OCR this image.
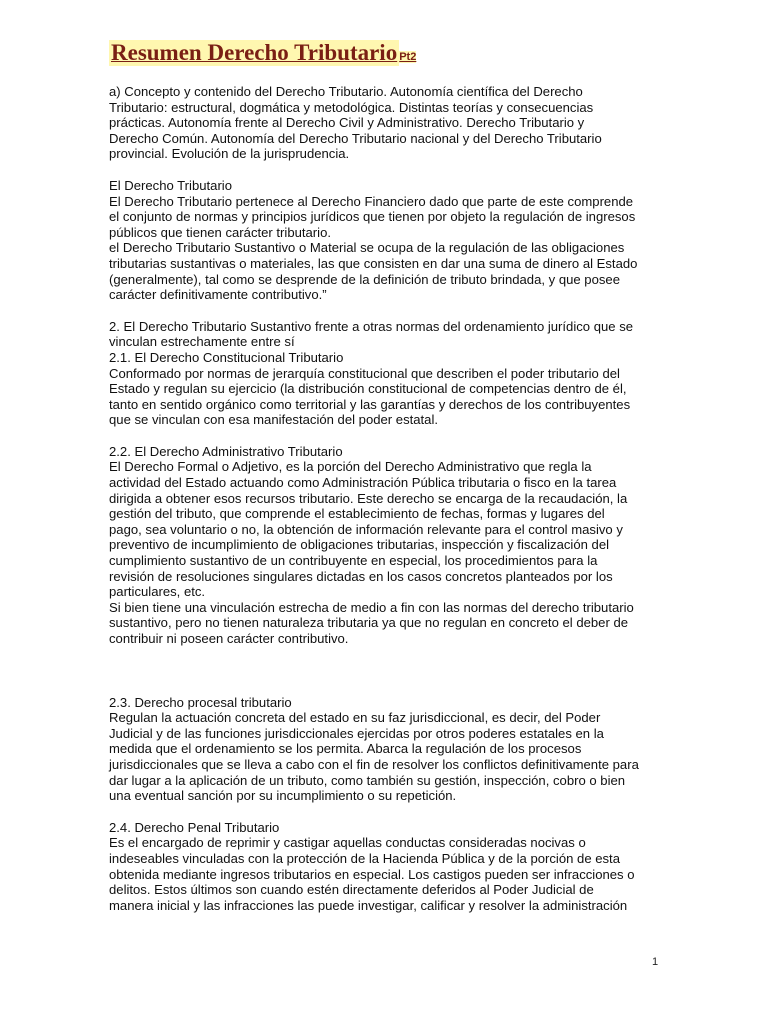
Resumen Derecho Tributario Pt2

a) Concepto y contenido del Derecho Tributario. Autonomía científica del Derecho

Tributario: estructural, dogmática y metodológica. Distintas teorías y consecuencias

prácticas. Autonomía frente al Derecho Civil y Administrativo. Derecho Tributario y

Derecho Común. Autonomía del Derecho Tributario nacional y del Derecho Tributario

provincial. Evolución de la jurisprudencia.

El Derecho Tributario

El Derecho Tributario pertenece al Derecho Financiero dado que parte de este comprende

el conjunto de normas y principios jurídicos que tienen por objeto la regulación de ingresos

públicos que tienen carácter tributario.

el Derecho Tributario Sustantivo o Material se ocupa de la regulación de las obligaciones

tributarias sustantivas o materiales, las que consisten en dar una suma de dinero al Estado

(generalmente), tal como se desprende de la definición de tributo brindada, y que posee

carácter definitivamente contributivo.”

2. El Derecho Tributario Sustantivo frente a otras normas del ordenamiento jurídico que se

vinculan estrechamente entre sí

2.1. El Derecho Constitucional Tributario

Conformado por normas de jerarquía constitucional que describen el poder tributario del

Estado y regulan su ejercicio (la distribución constitucional de competencias dentro de él,

tanto en sentido orgánico como territorial y las garantías y derechos de los contribuyentes

que se vinculan con esa manifestación del poder estatal.

2.2. El Derecho Administrativo Tributario

El Derecho Formal o Adjetivo, es la porción del Derecho Administrativo que regla la

actividad del Estado actuando como Administración Pública tributaria o fisco en la tarea

dirigida a obtener esos recursos tributario. Este derecho se encarga de la recaudación, la

gestión del tributo, que comprende el establecimiento de fechas, formas y lugares del

pago, sea voluntario o no, la obtención de información relevante para el control masivo y

preventivo de incumplimiento de obligaciones tributarias, inspección y fiscalización del

cumplimiento sustantivo de un contribuyente en especial, los procedimientos para la

revisión de resoluciones singulares dictadas en los casos concretos planteados por los

particulares, etc.

Si bien tiene una vinculación estrecha de medio a fin con las normas del derecho tributario

sustantivo, pero no tienen naturaleza tributaria ya que no regulan en concreto el deber de

contribuir ni poseen carácter contributivo.

2.3. Derecho procesal tributario

Regulan la actuación concreta del estado en su faz jurisdiccional, es decir, del Poder

Judicial y de las funciones jurisdiccionales ejercidas por otros poderes estatales en la

medida que el ordenamiento se los permita. Abarca la regulación de los procesos

jurisdiccionales que se lleva a cabo con el fin de resolver los conflictos definitivamente para

dar lugar a la aplicación de un tributo, como también su gestión, inspección, cobro o bien

una eventual sanción por su incumplimiento o su repetición.

2.4. Derecho Penal Tributario

Es el encargado de reprimir y castigar aquellas conductas consideradas nocivas o

indeseables vinculadas con la protección de la Hacienda Pública y de la porción de esta

obtenida mediante ingresos tributarios en especial. Los castigos pueden ser infracciones o

delitos. Estos últimos son cuando estén directamente deferidos al Poder Judicial de

manera inicial y las infracciones las puede investigar, calificar y resolver la administración

1
